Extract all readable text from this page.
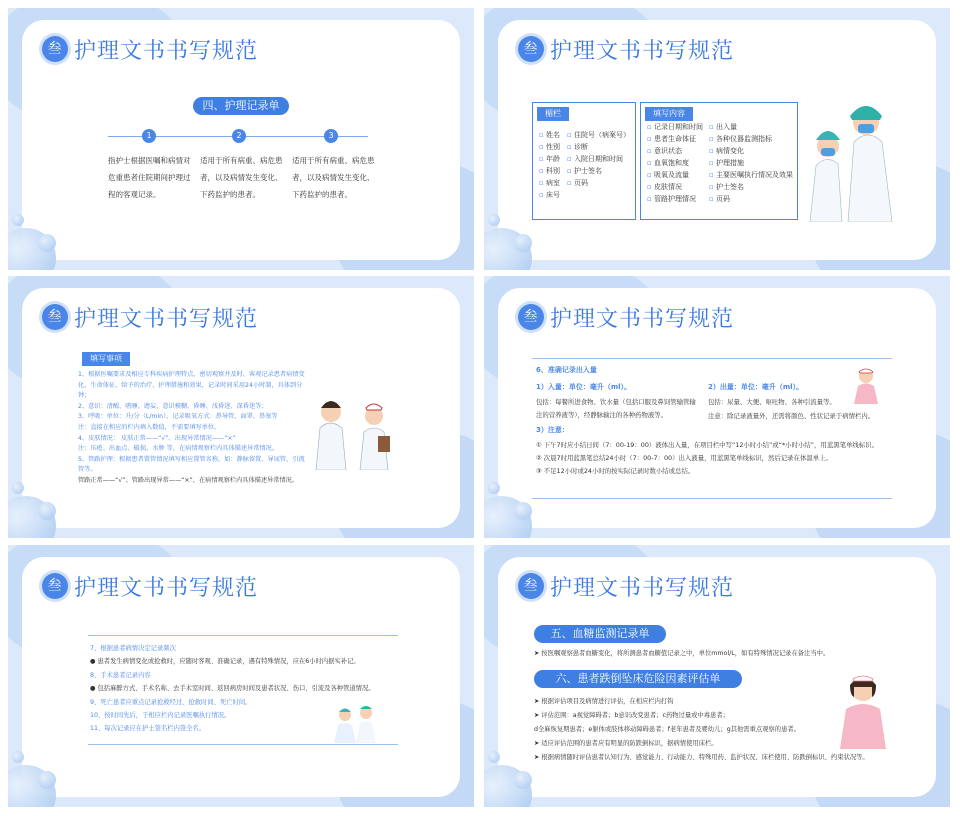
叁 护理文书书写规范
四、护理记录单
1	2	3
指护士根据医嘱和病情对危重患者住院期间护理过程的客观记录。
适用于所有病重、病危患者，以及病情发生变化、下药监护的患者。
适用于所有病重、病危患者，以及病情发生变化、下药监护的患者。
叁 护理文书书写规范
楣栏
▫ 姓名
▫ 性别
▫ 年龄
▫ 科别
▫ 病室
▫ 床号
▫ 住院号（病案号）
▫ 诊断
▫ 入院日期和时间
▫ 护士签名
▫ 页码
填写内容
▫ 记录日期和时间
▫ 患者生命体征
▫ 意识状态
▫ 血氧饱和度
▫ 吸氧及流量
▫ 皮肤情况
▫ 管路护理情况
▫ 出入量
▫ 各种仪器监测指标
▫ 病情变化
▫ 护理措施
▫ 主要医嘱执行情况及效果
▫ 护士签名
▫ 页码
叁 护理文书书写规范
填写事项
1、根据医嘱要求及相应专科疾病护理特点，密切观察并及时、客观记录患者病情变化、生命体征，给予的治疗、护理措施和效果，记录时间采用24小时制，具体到分钟；
2、意识：清醒、嗜睡、谵妄、意识模糊、昏睡、浅昏迷、深昏迷等；
3、呼吸：单位：升/分（L/min），记录吸氧方式：鼻导管、面罩、鼻塞等
注：直接在相应的栏内填入数值，不需要填写单位。
4、皮肤情况： 皮肤正常——“√”、出现异常情况——“×”
注：压疮、出血点、破损、水肿 等，在病情观察栏内具体描述异常情况。
5、管路护理：根据患者置管情况填写相应置管名称，如：静脉留置、导尿管、引流管等。
管路正常——“√”、管路出现异常——“×”、在病情观察栏内具体描述异常情况。
叁 护理文书书写规范
6、准确记录出入量
1）入量：单位：毫升（ml）。
包括：每餐所进食物、饮水量（包括口服及鼻饲管输管输注的营养液等），经静脉输注的各种药物液等。
2）出量：单位：毫升（ml）。
包括：尿量、大便、呕吐物、各种引流量等。
注意：除记录液量外，还需将颜色、性状记录于病情栏内。
3）注意：
① 下午7时应小结日间（7：00-19：00）液体出入量，在项目栏中写“12小时小结”或“*小时小结”，用蓝黑笔单线标识。
② 次晨7时用蓝黑笔总结24小时（7：00-7：00）出入液量，用蓝黑笔单线标识，然后记录在体温单上。
③ 不足12小时或24小时的按实际记录时数小结或总结。
叁 护理文书书写规范
7、根据患者病情决定记录频次
● 患者发生病情变化或抢救时，应随时客观、准确记录，遇有特殊情况，应在6小时内据实补记。
8、手术患者记录内容
● 包括麻醉方式、手术名称、去手术室时间、返回病房时间及患者状况、伤口、引流及各种管道情况。
9、死亡患者应重点记录抢救经过、抢救时间、死亡时间。
10、按时间先后，于相应栏内记录医嘱执行情况。
11、每次记录应在护士签名栏内签全名。
叁 护理文书书写规范
五、血糖监测记录单
➤ 按医嘱观察患者血糖变化，将所测患者血糖值记录之中，单位mmol/L，如有特殊情况记录在备注当中。
六、患者跌倒坠床危险因素评估单
➤ 根据评估项目及病情进行评估，在相应栏内打钩
➤ 评估范围：a视觉障碍者；b意识改变患者；c药物过量或中毒患者；
d全麻恢复期患者；e躯体或肢体移动障碍患者；f老年患者及婴幼儿；g其他需重点观察的患者。
➤ 适应评估范围的患者应有明显的防跌倒标识，据病情使用床栏。
➤ 根据病情随时评估患者认知行为、感觉能力、行动能力、特殊用药、监护状况、床栏使用、防跌倒标识、约束状况等。
